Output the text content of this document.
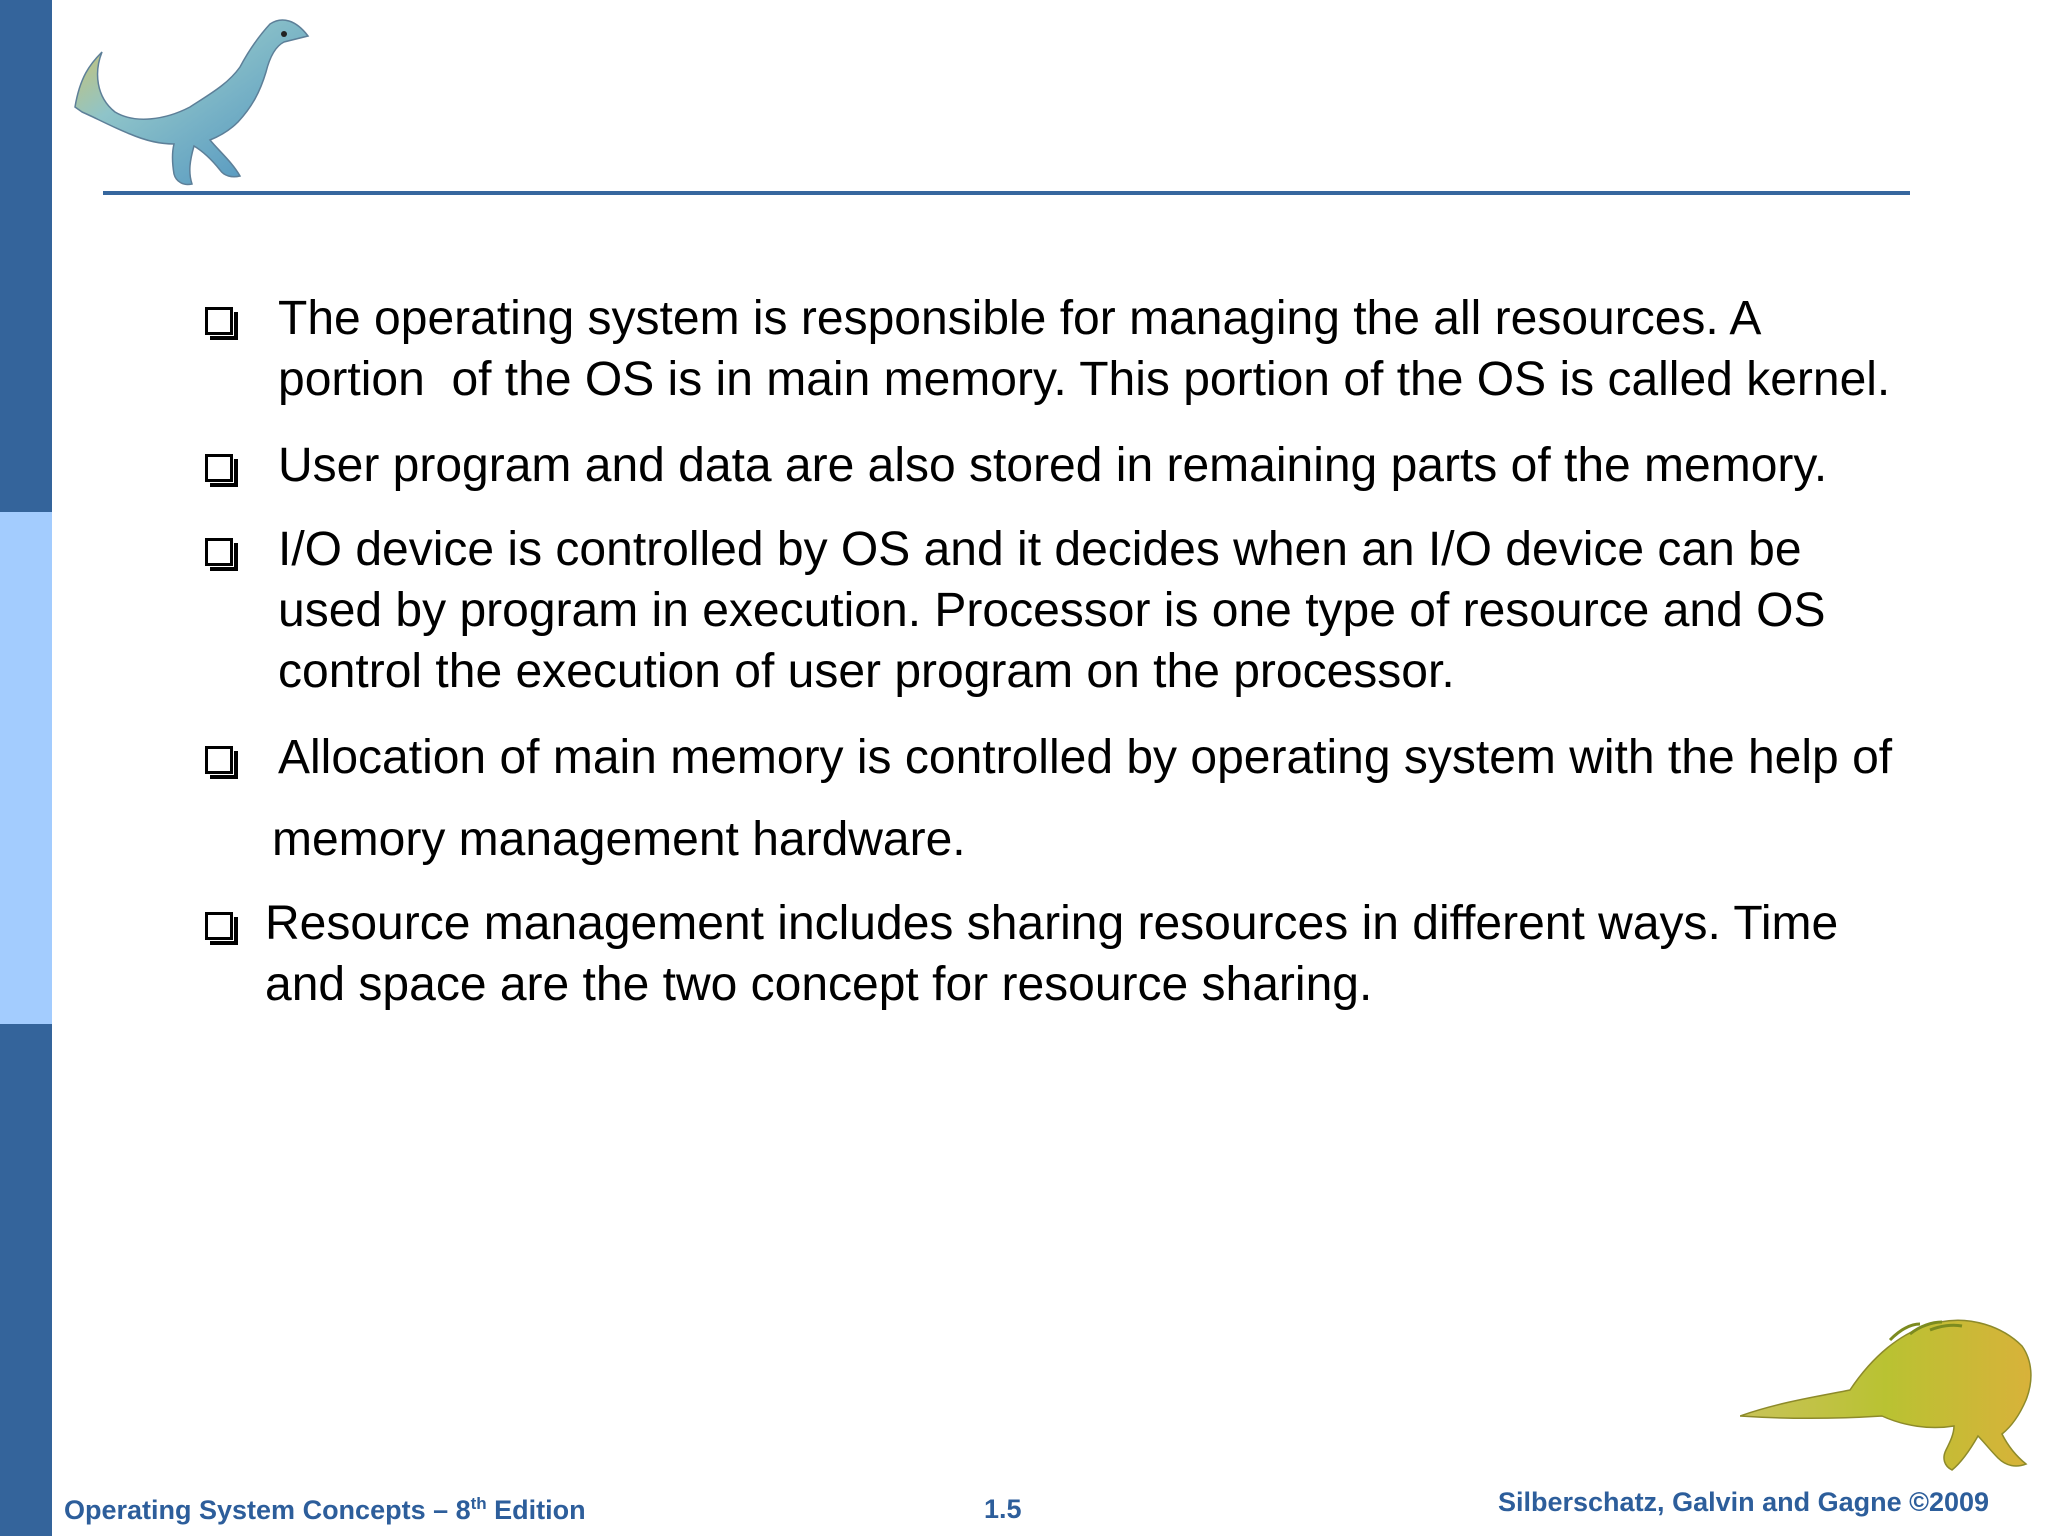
The operating system is responsible for managing the all resources. A
portion  of the OS is in main memory. This portion of the OS is called kernel.
User program and data are also stored in remaining parts of the memory.
I/O device is controlled by OS and it decides when an I/O device can be
used by program in execution. Processor is one type of resource and OS
control the execution of user program on the processor.
Allocation of main memory is controlled by operating system with the help of
memory management hardware.
Resource management includes sharing resources in different ways. Time
and space are the two concept for resource sharing.
Operating System Concepts – 8th Edition	1.5	Silberschatz, Galvin and Gagne ©2009
